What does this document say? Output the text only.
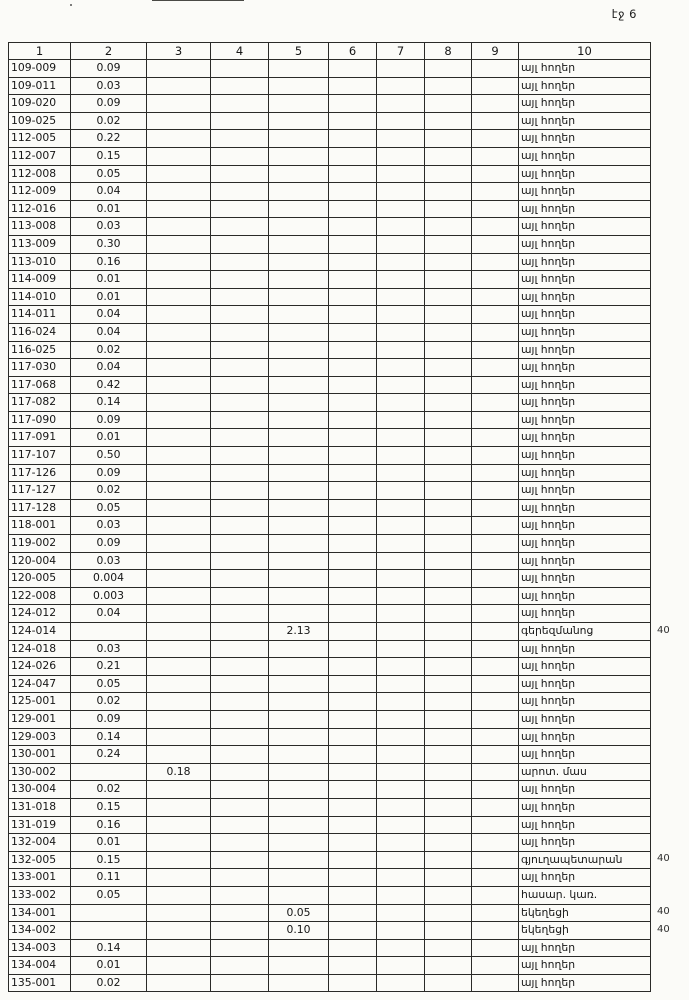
էջ 6
1	2	3	4	5	6	7	8	9	10
109-009	0.09								այլ հողեր
109-011	0.03								այլ հողեր
109-020	0.09								այլ հողեր
109-025	0.02								այլ հողեր
112-005	0.22								այլ հողեր
112-007	0.15								այլ հողեր
112-008	0.05								այլ հողեր
112-009	0.04								այլ հողեր
112-016	0.01								այլ հողեր
113-008	0.03								այլ հողեր
113-009	0.30								այլ հողեր
113-010	0.16								այլ հողեր
114-009	0.01								այլ հողեր
114-010	0.01								այլ հողեր
114-011	0.04								այլ հողեր
116-024	0.04								այլ հողեր
116-025	0.02								այլ հողեր
117-030	0.04								այլ հողեր
117-068	0.42								այլ հողեր
117-082	0.14								այլ հողեր
117-090	0.09								այլ հողեր
117-091	0.01								այլ հողեր
117-107	0.50								այլ հողեր
117-126	0.09								այլ հողեր
117-127	0.02								այլ հողեր
117-128	0.05								այլ հողեր
118-001	0.03								այլ հողեր
119-002	0.09								այլ հողեր
120-004	0.03								այլ հողեր
120-005	0.004								այլ հողեր
122-008	0.003								այլ հողեր
124-012	0.04								այլ հողեր
124-014				2.13					գերեզմանոց
124-018	0.03								այլ հողեր
124-026	0.21								այլ հողեր
124-047	0.05								այլ հողեր
125-001	0.02								այլ հողեր
129-001	0.09								այլ հողեր
129-003	0.14								այլ հողեր
130-001	0.24								այլ հողեր
130-002		0.18							արոտ. մաս
130-004	0.02								այլ հողեր
131-018	0.15								այլ հողեր
131-019	0.16								այլ հողեր
132-004	0.01								այլ հողեր
132-005	0.15								գյուղապետարան
133-001	0.11								այլ հողեր
133-002	0.05								հասար. կառ.
134-001				0.05					եկեղեցի
134-002				0.10					եկեղեցի
134-003	0.14								այլ հողեր
134-004	0.01								այլ հողեր
135-001	0.02								այլ հողեր
40
40
40
40
